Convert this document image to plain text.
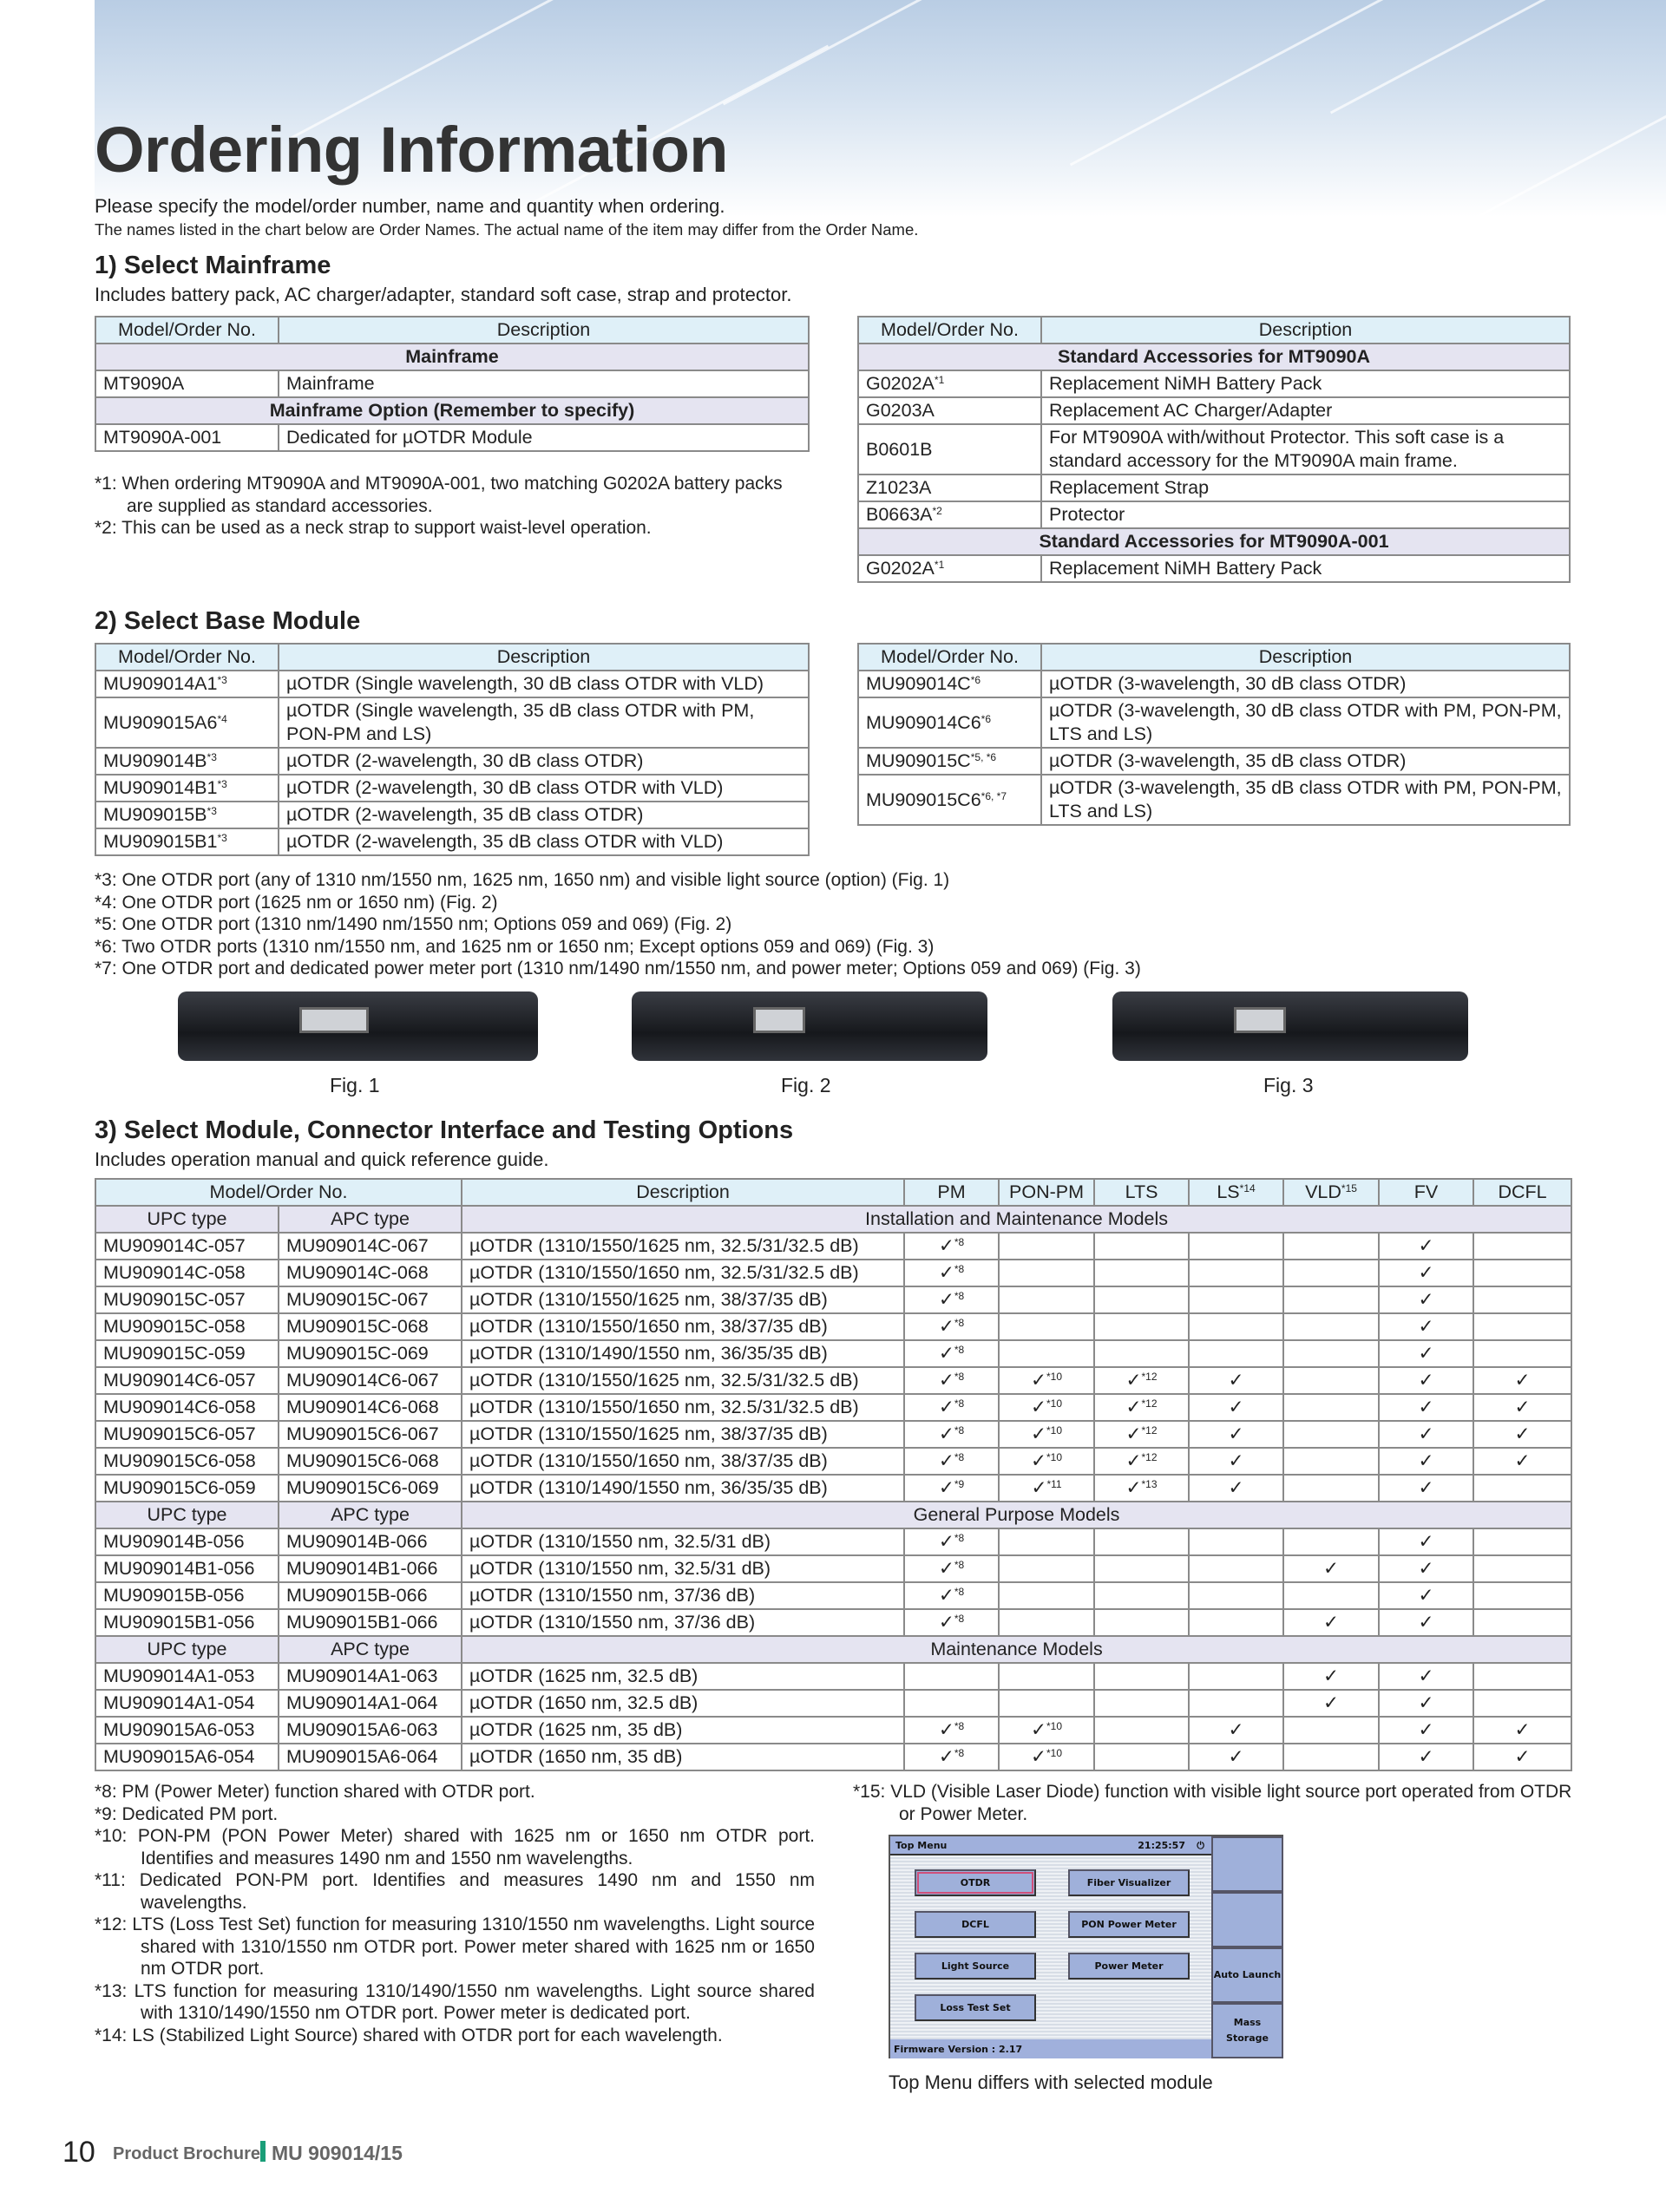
Ordering Information
Please specify the model/order number, name and quantity when ordering.
The names listed in the chart below are Order Names. The actual name of the item may differ from the Order Name.
1) Select Mainframe
Includes battery pack, AC charger/adapter, standard soft case, strap and protector.
Model/Order No.	Description
Mainframe	
MT9090A	Mainframe
Mainframe Option (Remember to specify)	
MT9090A-001	Dedicated for µOTDR Module
Model/Order No.	Description
Standard Accessories for MT9090A	
$G0202A^{*1}$	Replacement NiMH Battery Pack
G0203A	Replacement AC Charger/Adapter
B0601B	For MT9090A with/without Protector. This soft case is a standard accessory for the MT9090A main frame.
Z1023A	Replacement Strap
$B0663A^{*2}$	Protector
Standard Accessories for MT9090A-001	
$G0202A^{*1}$	Replacement NiMH Battery Pack
*1: When ordering MT9090A and MT9090A-001, two matching G0202A battery packs are supplied as standard accessories.
*2: This can be used as a neck strap to support waist-level operation.
2) Select Base Module
Model/Order No.	Description
MU909014A1$^{*3}$	µOTDR (Single wavelength, 30 dB class OTDR with VLD)
MU909015A6$^{*4}$	µOTDR (Single wavelength, 35 dB class OTDR with PM, PON-PM and LS)
$MU909014B^{*3}$	µOTDR (2-wavelength, 30 dB class OTDR)
MU909014B1$^{*3}$	µOTDR (2-wavelength, 30 dB class OTDR with VLD)
$MU909015B^{*3}$	µOTDR (2-wavelength, 35 dB class OTDR)
MU909015B1$^{*3}$	µOTDR (2-wavelength, 35 dB class OTDR with VLD)
Model/Order No.	Description
$MU909014C^{*6}$	µOTDR (3-wavelength, 30 dB class OTDR)
MU909014C6$^{*6}$	µOTDR (3-wavelength, 30 dB class OTDR with PM, PON-PM, LTS and LS)
$MU909015C^{*5, *6}$	µOTDR (3-wavelength, 35 dB class OTDR)
$MU909015C6^{*6, *7}$	µOTDR (3-wavelength, 35 dB class OTDR with PM, PON-PM, LTS and LS)
*3: One OTDR port (any of 1310 nm/1550 nm, 1625 nm, 1650 nm) and visible light source (option) (Fig. 1)
*4: One OTDR port (1625 nm or 1650 nm) (Fig. 2)
*5: One OTDR port (1310 nm/1490 nm/1550 nm; Options 059 and 069) (Fig. 2)
*6: Two OTDR ports (1310 nm/1550 nm, and 1625 nm or 1650 nm; Except options 059 and 069) (Fig. 3)
*7: One OTDR port and dedicated power meter port (1310 nm/1490 nm/1550 nm, and power meter; Options 059 and 069) (Fig. 3)
Fig. 1	Fig. 2	Fig. 3
3) Select Module, Connector Interface and Testing Options
Includes operation manual and quick reference guide.
Model/Order No.		Description	PM	PON-PM	LTS	LS$^{*14}$	VLD$^{*15}$	FV	DCFL
UPC type	APC type	Installation and Maintenance Models							
MU909014C-057	MU909014C-067	µOTDR (1310/1550/1625 nm, 32.5/31/32.5 dB)	✓$^{*8}$					✓	
MU909014C-058	MU909014C-068	µOTDR (1310/1550/1650 nm, 32.5/31/32.5 dB)	✓$^{*8}$					✓	
MU909015C-057	MU909015C-067	µOTDR (1310/1550/1625 nm, 38/37/35 dB)	✓$^{*8}$					✓	
MU909015C-058	MU909015C-068	µOTDR (1310/1550/1650 nm, 38/37/35 dB)	✓$^{*8}$					✓	
MU909015C-059	MU909015C-069	µOTDR (1310/1490/1550 nm, 36/35/35 dB)	✓$^{*8}$					✓	
MU909014C6-057	MU909014C6-067	µOTDR (1310/1550/1625 nm, 32.5/31/32.5 dB)	✓$^{*8}$	✓$^{*10}$	✓$^{*12}$	✓		✓	✓
MU909014C6-058	MU909014C6-068	µOTDR (1310/1550/1650 nm, 32.5/31/32.5 dB)	✓$^{*8}$	✓$^{*10}$	✓$^{*12}$	✓		✓	✓
MU909015C6-057	MU909015C6-067	µOTDR (1310/1550/1625 nm, 38/37/35 dB)	✓$^{*8}$	✓$^{*10}$	✓$^{*12}$	✓		✓	✓
MU909015C6-058	MU909015C6-068	µOTDR (1310/1550/1650 nm, 38/37/35 dB)	✓$^{*8}$	✓$^{*10}$	✓$^{*12}$	✓		✓	✓
MU909015C6-059	MU909015C6-069	µOTDR (1310/1490/1550 nm, 36/35/35 dB)	✓$^{*9}$	✓$^{*11}$	✓$^{*13}$	✓		✓	
UPC type	APC type	General Purpose Models							
MU909014B-056	MU909014B-066	µOTDR (1310/1550 nm, 32.5/31 dB)	✓$^{*8}$					✓	
MU909014B1-056	MU909014B1-066	µOTDR (1310/1550 nm, 32.5/31 dB)	✓$^{*8}$				✓	✓	
MU909015B-056	MU909015B-066	µOTDR (1310/1550 nm, 37/36 dB)	✓$^{*8}$					✓	
MU909015B1-056	MU909015B1-066	µOTDR (1310/1550 nm, 37/36 dB)	✓$^{*8}$				✓	✓	
UPC type	APC type	Maintenance Models							
MU909014A1-053	MU909014A1-063	µOTDR (1625 nm, 32.5 dB)					✓	✓	
MU909014A1-054	MU909014A1-064	µOTDR (1650 nm, 32.5 dB)					✓	✓	
MU909015A6-053	MU909015A6-063	µOTDR (1625 nm, 35 dB)	✓$^{*8}$	✓$^{*10}$		✓		✓	✓
MU909015A6-054	MU909015A6-064	µOTDR (1650 nm, 35 dB)	✓$^{*8}$	✓$^{*10}$		✓		✓	✓
*8: PM (Power Meter) function shared with OTDR port.
*9: Dedicated PM port.
*10: PON-PM (PON Power Meter) shared with 1625 nm or 1650 nm OTDR port. Identifies and measures 1490 nm and 1550 nm wavelengths.
*11: Dedicated PON-PM port. Identifies and measures 1490 nm and 1550 nm wavelengths.
*12: LTS (Loss Test Set) function for measuring 1310/1550 nm wavelengths. Light source shared with 1310/1550 nm OTDR port. Power meter shared with 1625 nm or 1650 nm OTDR port.
*13: LTS function for measuring 1310/1490/1550 nm wavelengths. Light source shared with 1310/1490/1550 nm OTDR port. Power meter is dedicated port.
*14: LS (Stabilized Light Source) shared with OTDR port for each wavelength.
*15: VLD (Visible Laser Diode) function with visible light source port operated from OTDR or Power Meter.
Top Menu	21:25:57 ⏻
OTDR	Fiber Visualizer
DCFL	PON Power Meter
Light Source	Power Meter
Loss Test Set
Auto Launch
Mass Storage
Firmware Version : 2.17
Top Menu differs with selected module
10 Product Brochure MU 909014/15
